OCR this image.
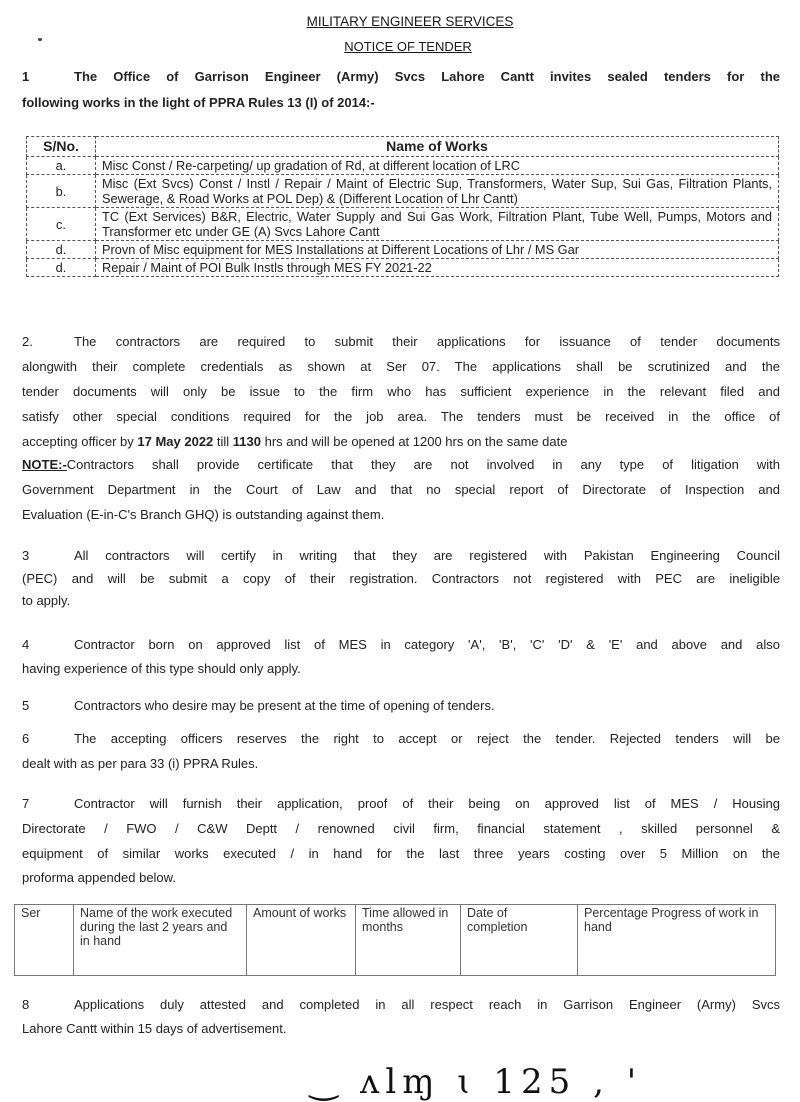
MILITARY ENGINEER SERVICES
NOTICE OF TENDER
1	The Office of Garrison Engineer (Army) Svcs Lahore Cantt invites sealed tenders for the
following works in the light of PPRA Rules 13 (I) of 2014:-
S/No.	Name of Works
a.	Misc Const / Re-carpeting/ up gradation of Rd, at different location of LRC
b.	Misc (Ext Svcs) Const / Instl / Repair / Maint of Electric Sup, Transformers, Water Sup, Sui Gas, Filtration Plants, Sewerage, & Road Works at POL Dep) & (Different Location of Lhr Cantt)
c.	TC (Ext Services) B&R, Electric, Water Supply and Sui Gas Work, Filtration Plant, Tube Well, Pumps, Motors and Transformer etc under GE (A) Svcs Lahore Cantt
d.	Provn of Misc equipment for MES Installations at Different Locations of Lhr / MS Gar
d.	Repair / Maint of POI Bulk Instls through MES FY 2021-22
2.	The contractors are required to submit their applications for issuance of tender documents
alongwith their complete credentials as shown at Ser 07. The applications shall be scrutinized and the
tender documents will only be issue to the firm who has sufficient experience in the relevant filed and
satisfy other special conditions required for the job area. The tenders must be received in the office of
accepting officer by 17 May 2022 till 1130 hrs and will be opened at 1200 hrs on the same date
NOTE:-Contractors shall provide certificate that they are not involved in any type of litigation with
Government Department in the Court of Law and that no special report of Directorate of Inspection and
Evaluation (E-in-C's Branch GHQ) is outstanding against them.
3	All contractors will certify in writing that they are registered with Pakistan Engineering Council
(PEC) and will be submit a copy of their registration. Contractors not registered with PEC are ineligible
to apply.
4	Contractor born on approved list of MES in category 'A', 'B', 'C' 'D' & 'E' and above and also
having experience of this type should only apply.
5	Contractors who desire may be present at the time of opening of tenders.
6	The accepting officers reserves the right to accept or reject the tender. Rejected tenders will be
dealt with as per para 33 (i) PPRA Rules.
7	Contractor will furnish their application, proof of their being on approved list of MES / Housing
Directorate / FWO / C&W Deptt / renowned civil firm, financial statement , skilled personnel &
equipment of similar works executed / in hand for the last three years costing over 5 Million on the
proforma appended below.
Ser	Name of the work executed during the last 2 years and in hand	Amount of works	Time allowed in months	Date of completion	Percentage Progress of work in hand
8	Applications duly attested and completed in all respect reach in Garrison Engineer (Army) Svcs
Lahore Cantt within 15 days of advertisement.
‿ ʌlɱ ɩ 125 , '
